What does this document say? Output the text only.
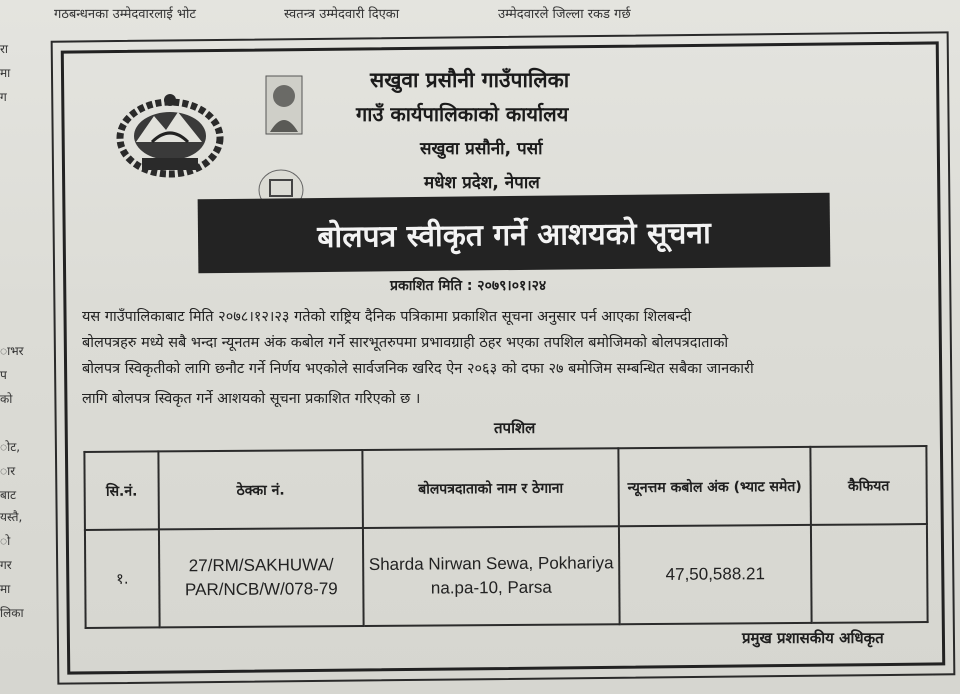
गठबन्धनका उम्मेदवारलाई भोट	स्वतन्त्र उम्मेदवारी दिएका	उम्मेदवारले जिल्ला रकड गर्छ
रा
मा
ग
ाभर
प
को
ोट,
ार
बाट
यस्तै,
ो
गर
मा
लिका
सखुवा प्रसौनी गाउँपालिका
गाउँ कार्यपालिकाको कार्यालय
सखुवा प्रसौनी, पर्सा
मधेश प्रदेश, नेपाल
बोलपत्र स्वीकृत गर्ने आशयको सूचना
प्रकाशित मिति : २०७९।०१।२४
यस गाउँपालिकाबाट मिति २०७८।१२।२३ गतेको राष्ट्रिय दैनिक पत्रिकामा प्रकाशित सूचना अनुसार पर्न आएका शिलबन्दी
बोलपत्रहरु मध्ये सबै भन्दा न्यूनतम अंक कबोल गर्ने सारभूतरुपमा प्रभावग्राही ठहर भएका तपशिल बमोजिमको बोलपत्रदाताको
बोलपत्र स्विकृतीको लागि छनौट गर्ने निर्णय भएकोले सार्वजनिक खरिद ऐन २०६३ को दफा २७ बमोजिम सम्बन्धित सबैका जानकारी
लागि बोलपत्र स्विकृत गर्ने आशयको सूचना प्रकाशित गरिएको छ ।
तपशिल
सि.नं.	ठेक्का नं.	बोलपत्रदाताको नाम र ठेगाना	न्यूनत्तम कबोल अंक (भ्याट समेत)	कैफियत
१.	27/RM/SAKHUWA/ PAR/NCB/W/078-79	Sharda Nirwan Sewa, Pokhariya na.pa-10, Parsa	47,50,588.21	
प्रमुख प्रशासकीय अधिकृत
